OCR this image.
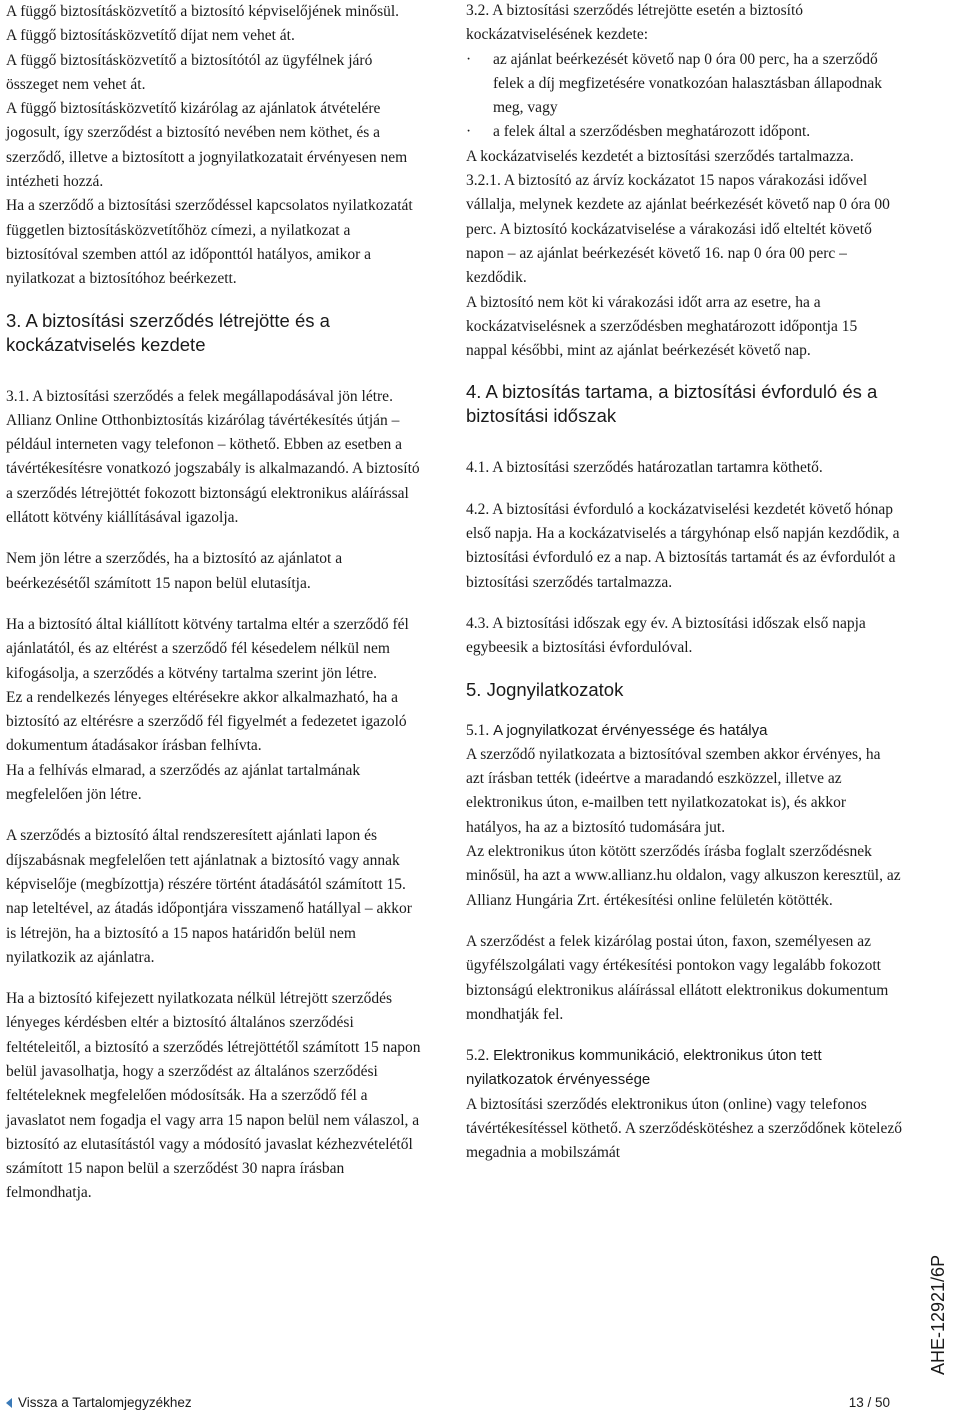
A függő biztosításközvetítő a biztosító képviselőjének minősül.

A függő biztosításközvetítő díjat nem vehet át.

A függő biztosításközvetítő a biztosítótól az ügyfélnek járó összeget nem vehet át.

A függő biztosításközvetítő kizárólag az ajánlatok átvételére jogosult, így szerződést a biztosító nevében nem köthet, és a szerződő, illetve a biztosított a jognyilatkozatait érvényesen nem intézheti hozzá.

Ha a szerződő a biztosítási szerződéssel kapcsolatos nyilatkozatát független biztosításközvetítőhöz címezi, a nyilatkozat a biztosítóval szemben attól az időponttól hatályos, amikor a nyilatkozat a biztosítóhoz beérkezett.

3. A biztosítási szerződés létrejötte és a kockázatviselés kezdete

3.1. A biztosítási szerződés a felek megállapodásával jön létre. Allianz Online Otthonbiztosítás kizárólag távértékesítés útján – például interneten vagy telefonon – köthető. Ebben az esetben a távértékesítésre vonatkozó jogszabály is alkalmazandó. A biztosító a szerződés létrejöttét fokozott biztonságú elektronikus aláírással ellátott kötvény kiállításával igazolja.

Nem jön létre a szerződés, ha a biztosító az ajánlatot a beérkezésétől számított 15 napon belül elutasítja.

Ha a biztosító által kiállított kötvény tartalma eltér a szerződő fél ajánlatától, és az eltérést a szerződő fél késedelem nélkül nem kifogásolja, a szerződés a kötvény tartalma szerint jön létre.

Ez a rendelkezés lényeges eltérésekre akkor alkalmazható, ha a biztosító az eltérésre a szerződő fél figyelmét a fedezetet igazoló dokumentum átadásakor írásban felhívta.

Ha a felhívás elmarad, a szerződés az ajánlat tartalmának megfelelően jön létre.

A szerződés a biztosító által rendszeresített ajánlati lapon és díjszabásnak megfelelően tett ajánlatnak a biztosító vagy annak képviselője (megbízottja) részére történt átadásától számított 15. nap leteltével, az átadás időpontjára visszamenő hatállyal – akkor is létrejön, ha a biztosító a 15 napos határidőn belül nem nyilatkozik az ajánlatra.

Ha a biztosító kifejezett nyilatkozata nélkül létrejött szerződés lényeges kérdésben eltér a biztosító általános szerződési feltételeitől, a biztosító a szerződés létrejöttétől számított 15 napon belül javasolhatja, hogy a szerződést az általános szerződési feltételeknek megfelelően módosítsák. Ha a szerződő fél a javaslatot nem fogadja el vagy arra 15 napon belül nem válaszol, a biztosító az elutasítástól vagy a módosító javaslat kézhezvételétől számított 15 napon belül a szerződést 30 napra írásban felmondhatja.

3.2. A biztosítási szerződés létrejötte esetén a biztosító kockázatviselésének kezdete:

· az ajánlat beérkezését követő nap 0 óra 00 perc, ha a szerződő felek a díj megfizetésére vonatkozóan halasztásban állapodnak meg, vagy
· a felek által a szerződésben meghatározott időpont.

A kockázatviselés kezdetét a biztosítási szerződés tartalmazza.

3.2.1. A biztosító az árvíz kockázatot 15 napos várakozási idővel vállalja, melynek kezdete az ajánlat beérkezését követő nap 0 óra 00 perc. A biztosító kockázatviselése a várakozási idő elteltét követő napon – az ajánlat beérkezését követő 16. nap 0 óra 00 perc – kezdődik.

A biztosító nem köt ki várakozási időt arra az esetre, ha a kockázatviselésnek a szerződésben meghatározott időpontja 15 nappal későbbi, mint az ajánlat beérkezését követő nap.

4. A biztosítás tartama, a biztosítási évforduló és a biztosítási időszak

4.1. A biztosítási szerződés határozatlan tartamra köthető.

4.2. A biztosítási évforduló a kockázatviselési kezdetét követő hónap első napja. Ha a kockázatviselés a tárgyhónap első napján kezdődik, a biztosítási évforduló ez a nap. A biztosítás tartamát és az évfordulót a biztosítási szerződés tartalmazza.

4.3. A biztosítási időszak egy év. A biztosítási időszak első napja egybeesik a biztosítási évfordulóval.

5. Jognyilatkozatok

5.1. A jognyilatkozat érvényessége és hatálya

A szerződő nyilatkozata a biztosítóval szemben akkor érvényes, ha azt írásban tették (ideértve a maradandó eszközzel, illetve az elektronikus úton, e-mailben tett nyilatkozatokat is), és akkor hatályos, ha az a biztosító tudomására jut.

Az elektronikus úton kötött szerződés írásba foglalt szerződésnek minősül, ha azt a www.allianz.hu oldalon, vagy alkuszon keresztül, az Allianz Hungária Zrt. értékesítési online felületén kötötték.

A szerződést a felek kizárólag postai úton, faxon, személyesen az ügyfélszolgálati vagy értékesítési pontokon vagy legalább fokozott biztonságú elektronikus aláírással ellátott elektronikus dokumentum mondhatják fel.

5.2. Elektronikus kommunikáció, elektronikus úton tett nyilatkozatok érvényessége

A biztosítási szerződés elektronikus úton (online) vagy telefonos távértékesítéssel köthető. A szerződéskötéshez a szerződőnek kötelező megadnia a mobilszámát

AHE-12921/6P
Vissza a Tartalomjegyzékhez	13 / 50
